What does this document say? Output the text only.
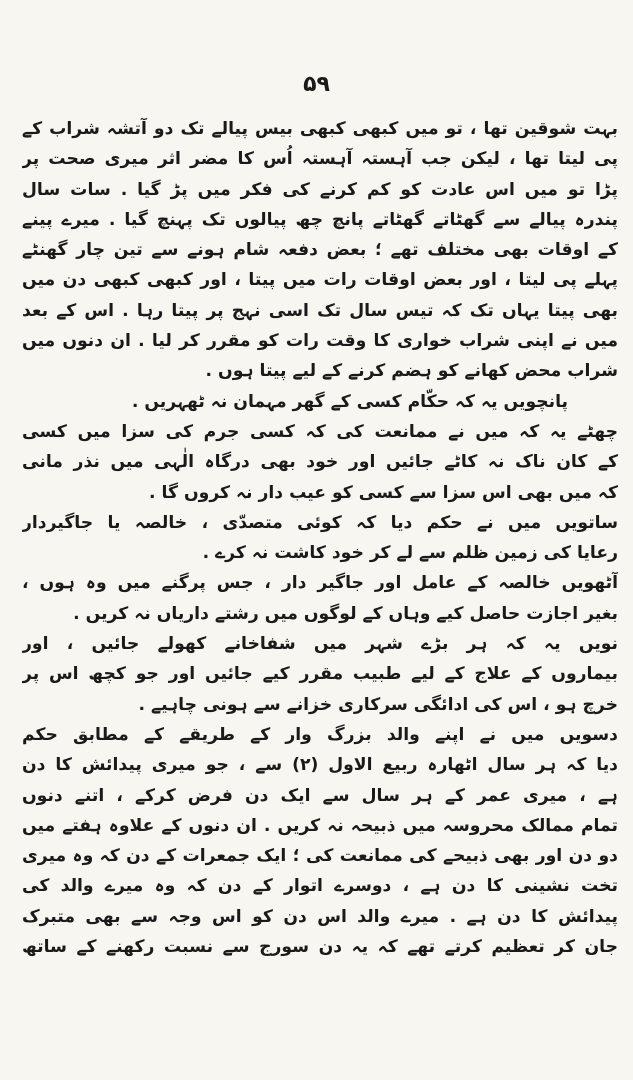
۵۹
بہت شوقین تھا ، تو میں کبھی کبھی بیس پیالے تک دو آتشہ شراب کے
پی لیتا تھا ، لیکن جب آہستہ آہستہ اُس کا مضر اثر میری صحت پر
پڑا تو میں اس عادت کو کم کرنے کی فکر میں پڑ گیا . سات سال
پندرہ پیالے سے گھٹاتے گھٹاتے پانچ چھ پیالوں تک پہنچ گیا . میرے پینے
کے اوقات بھی مختلف تھے ؛ بعض دفعہ شام ہونے سے تین چار گھنٹے
پہلے پی لیتا ، اور بعض اوقات رات میں پیتا ، اور کبھی کبھی دن میں
بھی پیتا یہاں تک کہ تیس سال تک اسی نہج پر پیتا رہا . اس کے بعد
میں نے اپنی شراب خواری کا وقت رات کو مقرر کر لیا . ان دنوں میں
شراب محض کھانے کو ہضم کرنے کے لیے پیتا ہوں .
پانچویں یہ کہ حکّام کسی کے گھر مہمان نہ ٹھہریں .
چھٹے یہ کہ میں نے ممانعت کی کہ کسی جرم کی سزا میں کسی
کے کان ناک نہ کاٹے جائیں اور خود بھی درگاہ الٰہی میں نذر مانی
کہ میں بھی اس سزا سے کسی کو عیب دار نہ کروں گا .
ساتویں میں نے حکم دیا کہ کوئی متصدّی ، خالصہ یا جاگیردار
رعایا کی زمین ظلم سے لے کر خود کاشت نہ کرے .
آٹھویں خالصہ کے عامل اور جاگیر دار ، جس پرگنے میں وہ ہوں ،
بغیر اجازت حاصل کیے وہاں کے لوگوں میں رشتے داریاں نہ کریں .
نویں یہ کہ ہر بڑے شہر میں شفاخانے کھولے جائیں ، اور
بیماروں کے علاج کے لیے طبیب مقرر کیے جائیں اور جو کچھ اس پر
خرچ ہو ، اس کی ادائگی سرکاری خزانے سے ہونی چاہیے .
دسویں میں نے اپنے والد بزرگ وار کے طریقے کے مطابق حکم
دیا کہ ہر سال اٹھارہ ربیع الاول (۲) سے ، جو میری پیدائش کا دن
ہے ، میری عمر کے ہر سال سے ایک دن فرض کرکے ، اتنے دنوں
تمام ممالک محروسہ میں ذبیحہ نہ کریں . ان دنوں کے علاوہ ہفتے میں
دو دن اور بھی ذبیحے کی ممانعت کی ؛ ایک جمعرات کے دن کہ وہ میری
تخت نشینی کا دن ہے ، دوسرے اتوار کے دن کہ وہ میرے والد کی
پیدائش کا دن ہے . میرے والد اس دن کو اس وجہ سے بھی متبرک
جان کر تعظیم کرتے تھے کہ یہ دن سورج سے نسبت رکھنے کے ساتھ
